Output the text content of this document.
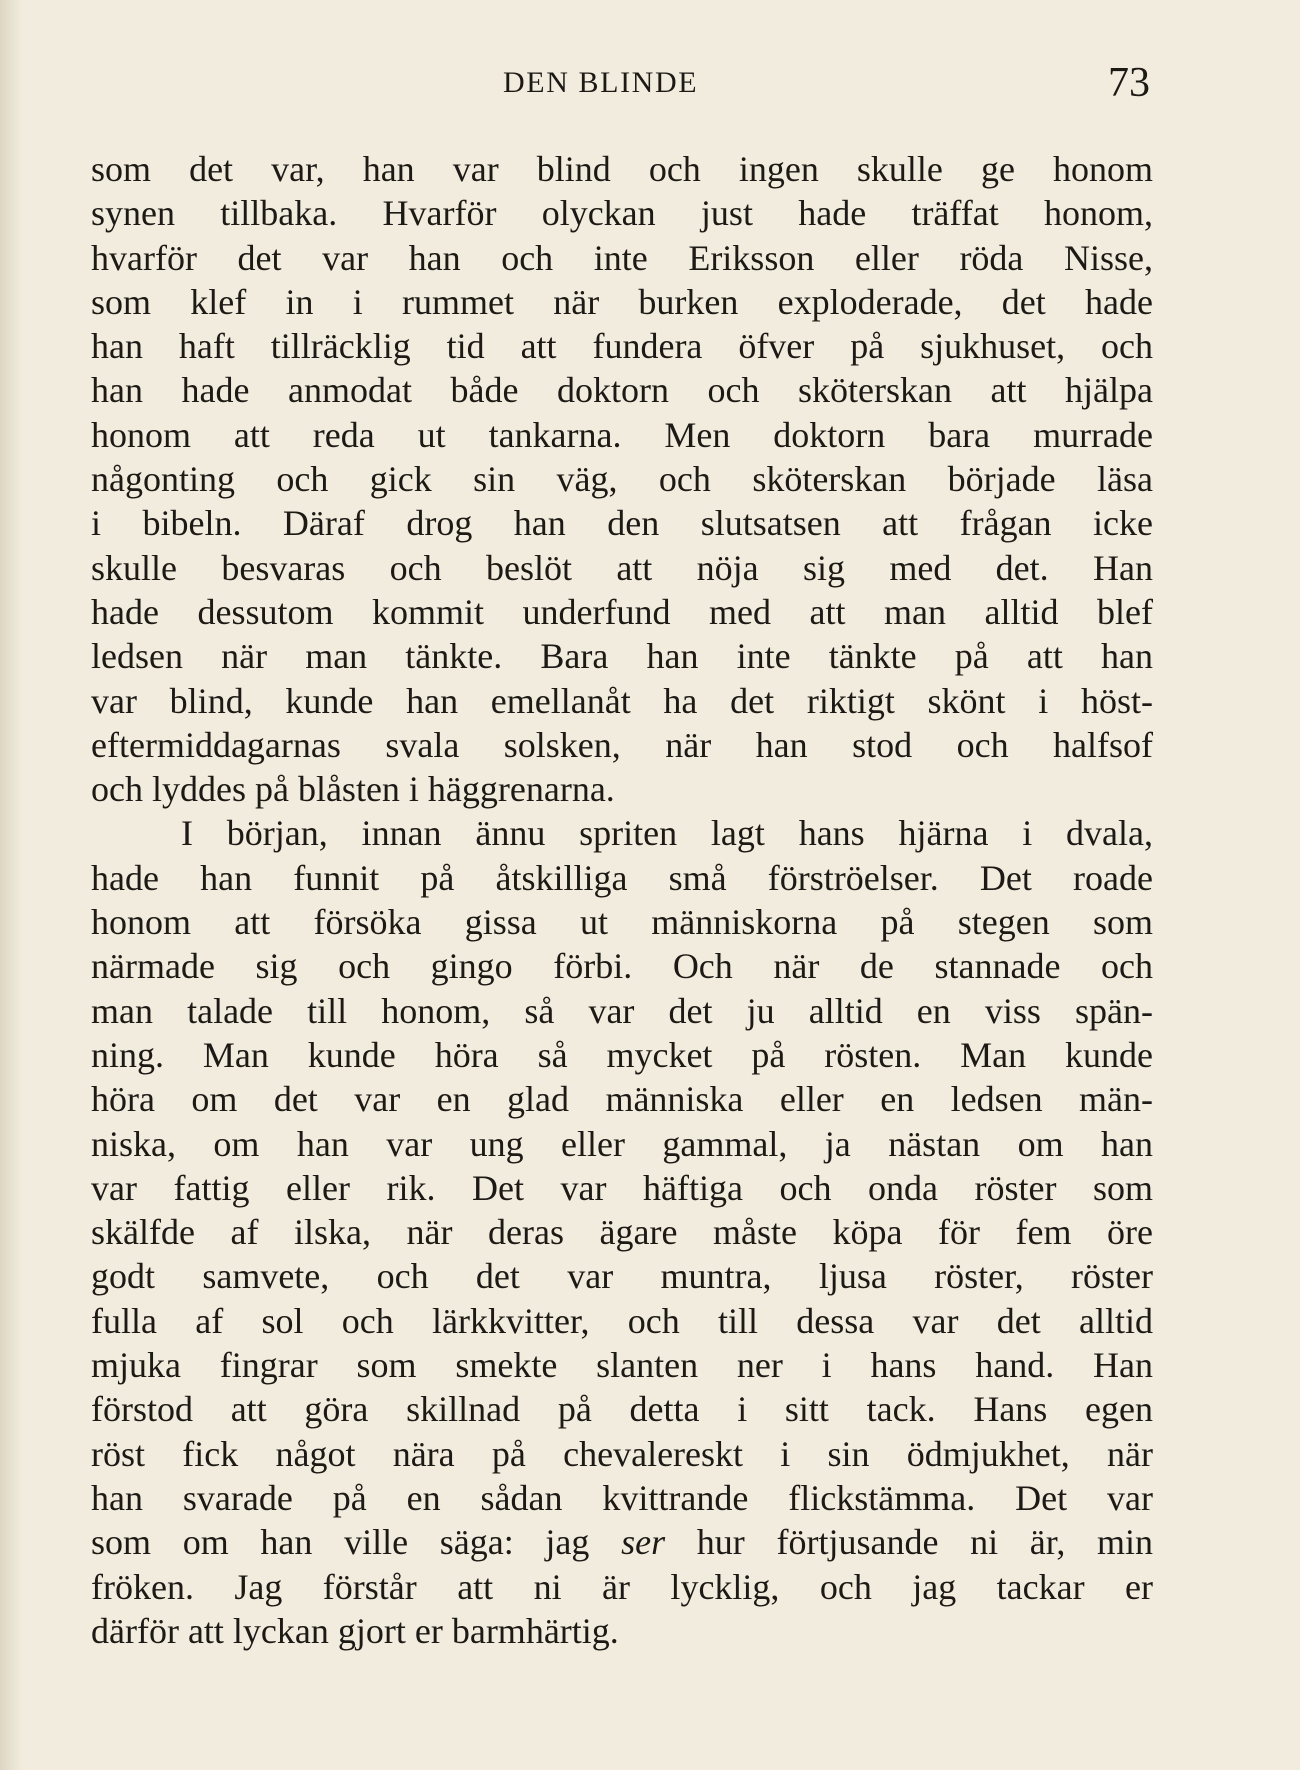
DEN BLINDE	73
som det var, han var blind och ingen skulle ge honom
synen tillbaka. Hvarför olyckan just hade träffat honom,
hvarför det var han och inte Eriksson eller röda Nisse,
som klef in i rummet när burken exploderade, det hade
han haft tillräcklig tid att fundera öfver på sjukhuset, och
han hade anmodat både doktorn och sköterskan att hjälpa
honom att reda ut tankarna. Men doktorn bara murrade
någonting och gick sin väg, och sköterskan började läsa
i bibeln. Däraf drog han den slutsatsen att frågan icke
skulle besvaras och beslöt att nöja sig med det. Han
hade dessutom kommit underfund med att man alltid blef
ledsen när man tänkte. Bara han inte tänkte på att han
var blind, kunde han emellanåt ha det riktigt skönt i höst-
eftermiddagarnas svala solsken, när han stod och halfsof
och lyddes på blåsten i häggrenarna.
I början, innan ännu spriten lagt hans hjärna i dvala,
hade han funnit på åtskilliga små förströelser. Det roade
honom att försöka gissa ut människorna på stegen som
närmade sig och gingo förbi. Och när de stannade och
man talade till honom, så var det ju alltid en viss spän-
ning. Man kunde höra så mycket på rösten. Man kunde
höra om det var en glad människa eller en ledsen män-
niska, om han var ung eller gammal, ja nästan om han
var fattig eller rik. Det var häftiga och onda röster som
skälfde af ilska, när deras ägare måste köpa för fem öre
godt samvete, och det var muntra, ljusa röster, röster
fulla af sol och lärkkvitter, och till dessa var det alltid
mjuka fingrar som smekte slanten ner i hans hand. Han
förstod att göra skillnad på detta i sitt tack. Hans egen
röst fick något nära på chevalereskt i sin ödmjukhet, när
han svarade på en sådan kvittrande flickstämma. Det var
som om han ville säga: jag ser hur förtjusande ni är, min
fröken. Jag förstår att ni är lycklig, och jag tackar er
därför att lyckan gjort er barmhärtig.
